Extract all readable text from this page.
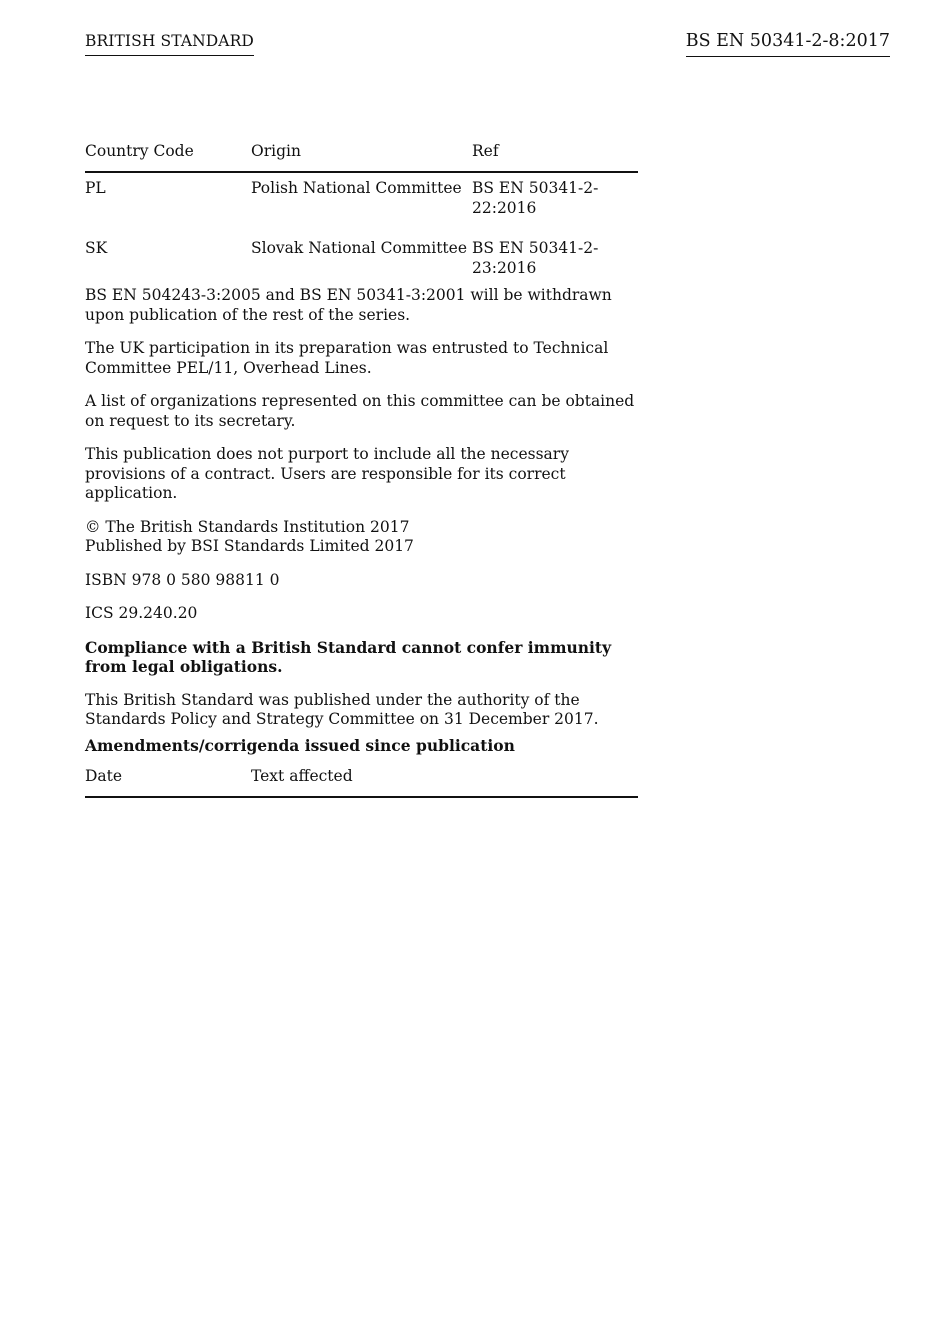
BRITISH STANDARD	BS EN 50341-2-8:2017
Country Code	Origin	Ref
PL	Polish National Committee	BS EN 50341-2-22:2016
SK	Slovak National Committee	BS EN 50341-2-23:2016

BS EN 504243-3:2005 and BS EN 50341-3:2001 will be withdrawn upon publication of the rest of the series.

The UK participation in its preparation was entrusted to Technical Committee PEL/11, Overhead Lines.

A list of organizations represented on this committee can be obtained on request to its secretary.

This publication does not purport to include all the necessary provisions of a contract. Users are responsible for its correct application.

© The British Standards Institution 2017
Published by BSI Standards Limited 2017

ISBN 978 0 580 98811 0

ICS 29.240.20

Compliance with a British Standard cannot confer immunity from legal obligations.

This British Standard was published under the authority of the Standards Policy and Strategy Committee on 31 December 2017.

Amendments/corrigenda issued since publication
Date	Text affected
